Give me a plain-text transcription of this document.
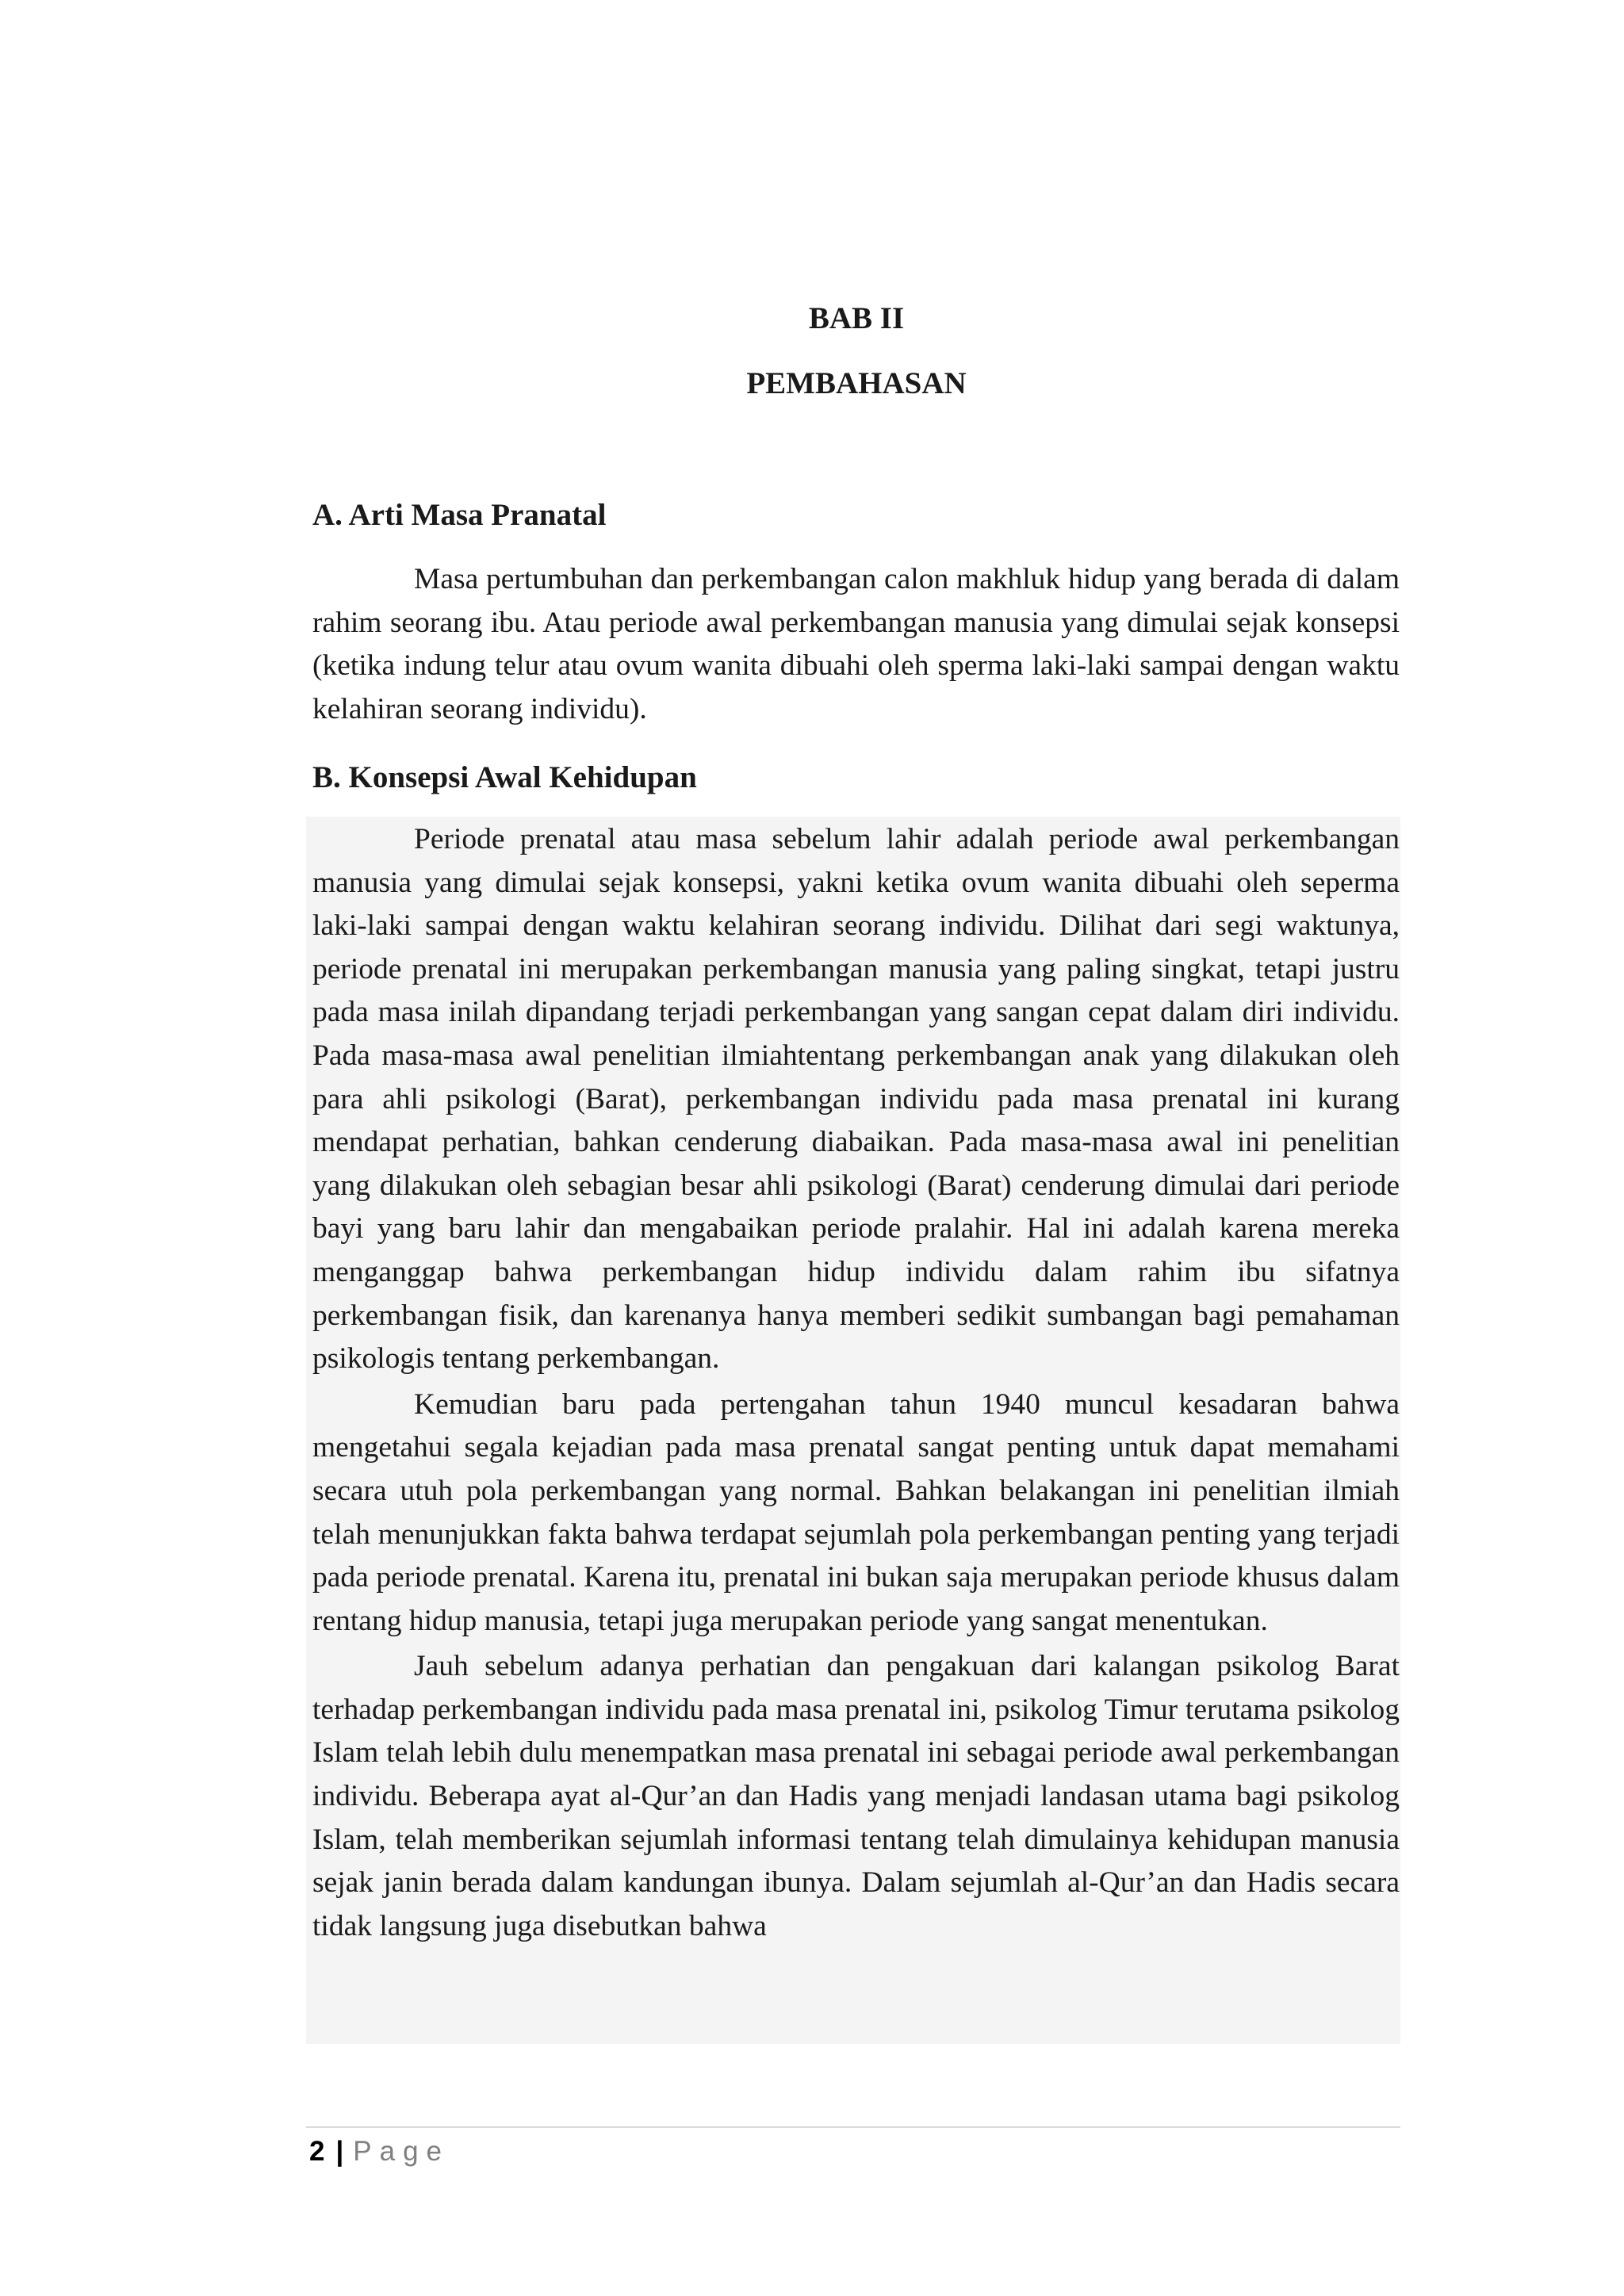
BAB II
PEMBAHASAN
A. Arti Masa Pranatal

Masa pertumbuhan dan perkembangan calon makhluk hidup yang berada di dalam rahim seorang ibu. Atau periode awal perkembangan manusia yang dimulai sejak konsepsi (ketika indung telur atau ovum wanita dibuahi oleh sperma laki-laki sampai dengan waktu kelahiran seorang individu).

B. Konsepsi Awal Kehidupan

Periode prenatal atau masa sebelum lahir adalah periode awal perkembangan manusia yang dimulai sejak konsepsi, yakni ketika ovum wanita dibuahi oleh seperma laki-laki sampai dengan waktu kelahiran seorang individu. Dilihat dari segi waktunya, periode prenatal ini merupakan perkembangan manusia yang paling singkat, tetapi justru pada masa inilah dipandang terjadi perkembangan yang sangan cepat dalam diri individu. Pada masa-masa awal penelitian ilmiahtentang perkembangan anak yang dilakukan oleh para ahli psikologi (Barat), perkembangan individu pada masa prenatal ini kurang mendapat perhatian, bahkan cenderung diabaikan. Pada masa-masa awal ini penelitian yang dilakukan oleh sebagian besar ahli psikologi (Barat) cenderung dimulai dari periode bayi yang baru lahir dan mengabaikan periode pralahir. Hal ini adalah karena mereka menganggap bahwa perkembangan hidup individu dalam rahim ibu sifatnya perkembangan fisik, dan karenanya hanya memberi sedikit sumbangan bagi pemahaman psikologis tentang perkembangan.

Kemudian baru pada pertengahan tahun 1940 muncul kesadaran bahwa mengetahui segala kejadian pada masa prenatal sangat penting untuk dapat memahami secara utuh pola perkembangan yang normal. Bahkan belakangan ini penelitian ilmiah telah menunjukkan fakta bahwa terdapat sejumlah pola perkembangan penting yang terjadi pada periode prenatal. Karena itu, prenatal ini bukan saja merupakan periode khusus dalam rentang hidup manusia, tetapi juga merupakan periode yang sangat menentukan.

Jauh sebelum adanya perhatian dan pengakuan dari kalangan psikolog Barat terhadap perkembangan individu pada masa prenatal ini, psikolog Timur terutama psikolog Islam telah lebih dulu menempatkan masa prenatal ini sebagai periode awal perkembangan individu. Beberapa ayat al-Qur’an dan Hadis yang menjadi landasan utama bagi psikolog Islam, telah memberikan sejumlah informasi tentang telah dimulainya kehidupan manusia sejak janin berada dalam kandungan ibunya. Dalam sejumlah al-Qur’an dan Hadis secara tidak langsung juga disebutkan bahwa

2 | Page
